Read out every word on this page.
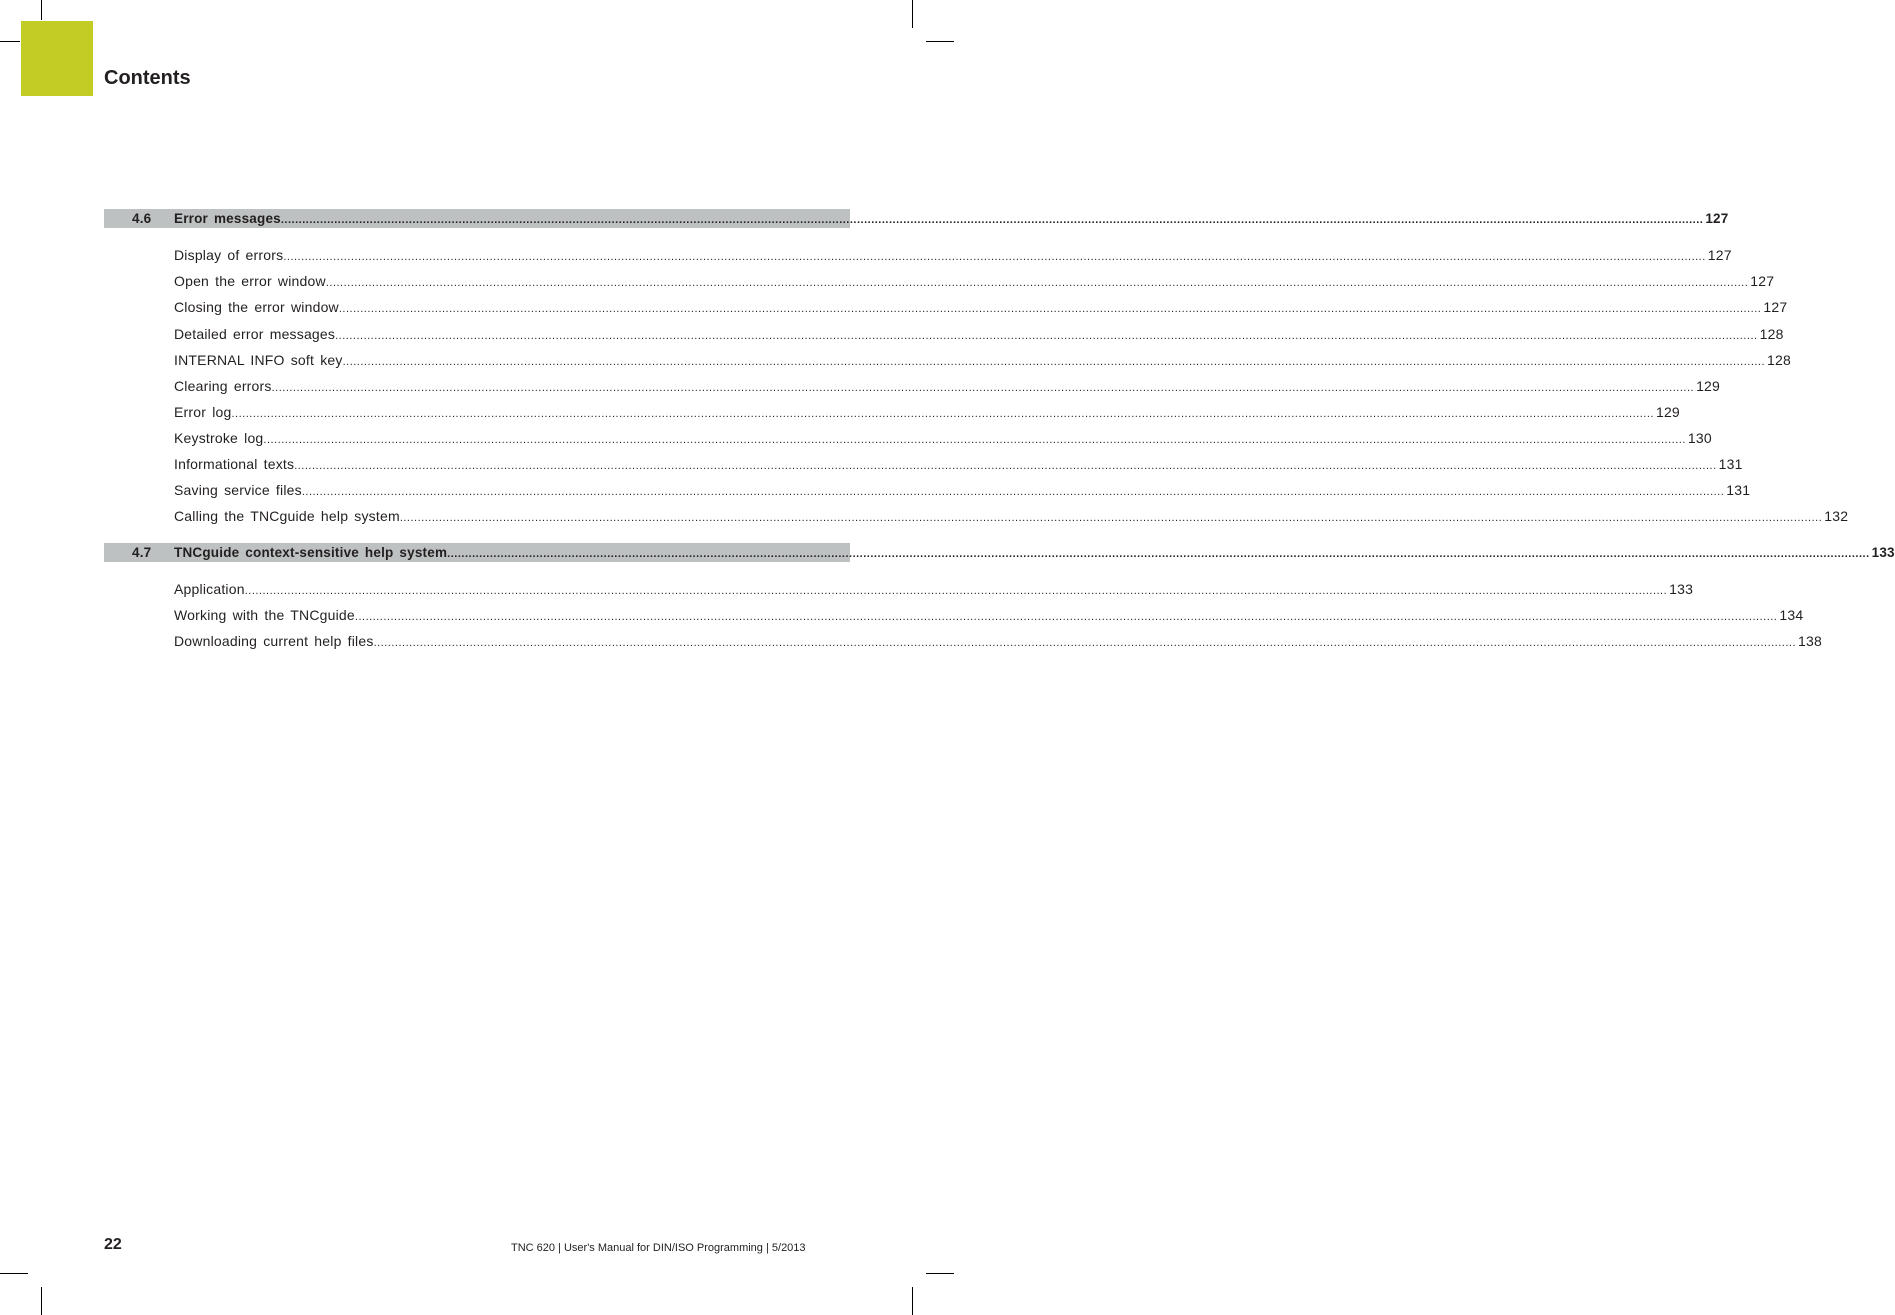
Contents
4.6 Error messages ................................................................................................................................................................................................................................................................................................................................................................................................................ 127
Display of errors ................................................................................................................................................................................................................................................................................................................................................................................................................ 127
Open the error window ................................................................................................................................................................................................................................................................................................................................................................................................................ 127
Closing the error window ................................................................................................................................................................................................................................................................................................................................................................................................................ 127
Detailed error messages ................................................................................................................................................................................................................................................................................................................................................................................................................ 128
INTERNAL INFO soft key ................................................................................................................................................................................................................................................................................................................................................................................................................ 128
Clearing errors ................................................................................................................................................................................................................................................................................................................................................................................................................ 129
Error log ................................................................................................................................................................................................................................................................................................................................................................................................................ 129
Keystroke log ................................................................................................................................................................................................................................................................................................................................................................................................................ 130
Informational texts ................................................................................................................................................................................................................................................................................................................................................................................................................ 131
Saving service files ................................................................................................................................................................................................................................................................................................................................................................................................................ 131
Calling the TNCguide help system ................................................................................................................................................................................................................................................................................................................................................................................................................ 132
4.7 TNCguide context-sensitive help system ................................................................................................................................................................................................................................................................................................................................................................................................................ 133
Application ................................................................................................................................................................................................................................................................................................................................................................................................................ 133
Working with the TNCguide ................................................................................................................................................................................................................................................................................................................................................................................................................ 134
Downloading current help files ................................................................................................................................................................................................................................................................................................................................................................................................................ 138
22	TNC 620 | User's Manual for DIN/ISO Programming | 5/2013
